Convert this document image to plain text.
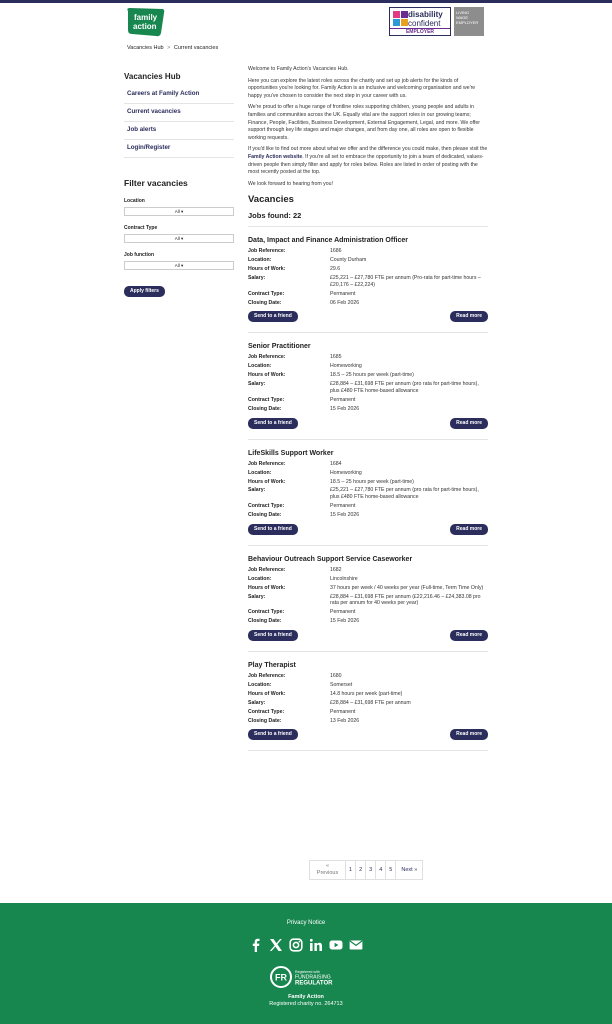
family
action
disability
confident
EMPLOYER
LIVING WAGE EMPLOYER
Vacancies Hub > Current vacancies
Vacancies Hub
Careers at Family Action
Current vacancies
Job alerts
Login/Register
Filter vacancies
Location
All ▾
Contract Type
All ▾
Job function
All ▾
Apply filters

Welcome to Family Action's Vacancies Hub.

Here you can explore the latest roles across the charity and set up job alerts for the kinds of opportunities you're looking for. Family Action is an inclusive and welcoming organisation and we're happy you've chosen to consider the next step in your career with us.

We're proud to offer a huge range of frontline roles supporting children, young people and adults in families and communities across the UK. Equally vital are the support roles in our growing teams; Finance, People, Facilities, Business Development, External Engagement, Legal, and more. We offer support through key life stages and major changes, and from day one, all roles are open to flexible working requests.

If you'd like to find out more about what we offer and the difference you could make, then please visit the Family Action website. If you're all set to embrace the opportunity to join a team of dedicated, values-driven people then simply filter and apply for roles below. Roles are listed in order of posting with the most recently posted at the top.

We look forward to hearing from you!

Vacancies
Jobs found: 22
Data, Impact and Finance Administration Officer
Job Reference:	1686
Location:	County Durham
Hours of Work:	29.6
Salary:	£25,221 – £27,780 FTE per annum (Pro-rata for part-time hours – £20,176 – £22,224)
Contract Type:	Permanent
Closing Date:	06 Feb 2026
Send to a friend	Read more
Senior Practitioner
Job Reference:	1685
Location:	Homeworking
Hours of Work:	18.5 – 25 hours per week (part-time)
Salary:	£28,884 – £31,698 FTE per annum (pro rata for part-time hours), plus £480 FTE home-based allowance
Contract Type:	Permanent
Closing Date:	15 Feb 2026
Send to a friend	Read more
LifeSkills Support Worker
Job Reference:	1684
Location:	Homeworking
Hours of Work:	18.5 – 25 hours per week (part-time)
Salary:	£25,221 – £27,780 FTE per annum (pro rata for part-time hours), plus £480 FTE home-based allowance
Contract Type:	Permanent
Closing Date:	15 Feb 2026
Send to a friend	Read more
Behaviour Outreach Support Service Caseworker
Job Reference:	1682
Location:	Lincolnshire
Hours of Work:	37 hours per week / 40 weeks per year (Full-time, Term Time Only)
Salary:	£28,884 – £31,698 FTE per annum (£22,216.46 – £24,383.08 pro rata per annum for 40 weeks per year)
Contract Type:	Permanent
Closing Date:	15 Feb 2026
Send to a friend	Read more
Play Therapist
Job Reference:	1680
Location:	Somerset
Hours of Work:	14.8 hours per week (part-time)
Salary:	£28,884 – £31,698 FTE per annum
Contract Type:	Permanent
Closing Date:	13 Feb 2026
Send to a friend	Read more
«
Previous	1	2	3	4	5	Next »
Privacy Notice
FR
Registered with
FUNDRAISING
REGULATOR
Family Action
Registered charity no. 264713
